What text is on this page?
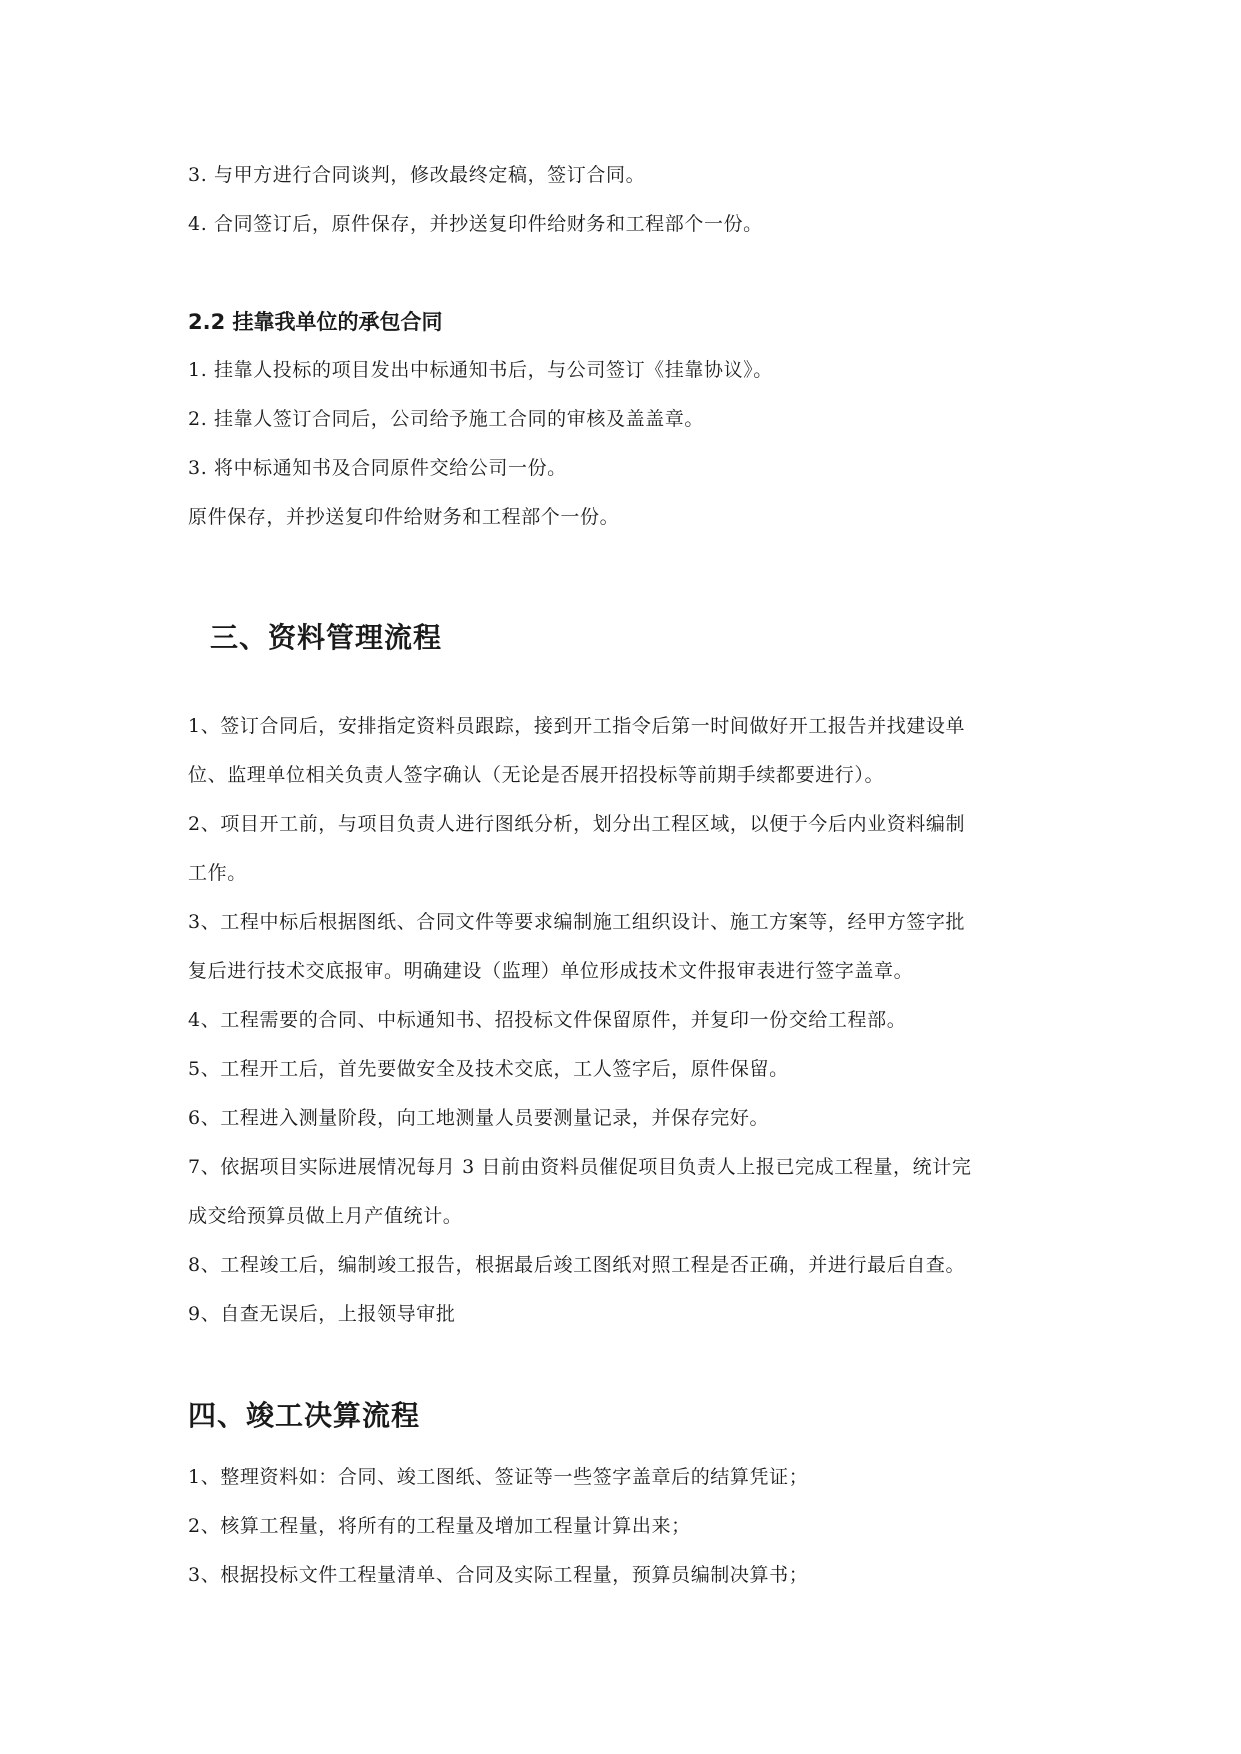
3. 与甲方进行合同谈判，修改最终定稿，签订合同。
4. 合同签订后，原件保存，并抄送复印件给财务和工程部个一份。
2.2 挂靠我单位的承包合同
1. 挂靠人投标的项目发出中标通知书后，与公司签订《挂靠协议》。
2. 挂靠人签订合同后，公司给予施工合同的审核及盖盖章。
3. 将中标通知书及合同原件交给公司一份。
原件保存，并抄送复印件给财务和工程部个一份。
三、资料管理流程
1、签订合同后，安排指定资料员跟踪，接到开工指令后第一时间做好开工报告并找建设单
位、监理单位相关负责人签字确认（无论是否展开招投标等前期手续都要进行）。
2、项目开工前，与项目负责人进行图纸分析，划分出工程区域，以便于今后内业资料编制
工作。
3、工程中标后根据图纸、合同文件等要求编制施工组织设计、施工方案等，经甲方签字批
复后进行技术交底报审。明确建设（监理）单位形成技术文件报审表进行签字盖章。
4、工程需要的合同、中标通知书、招投标文件保留原件，并复印一份交给工程部。
5、工程开工后，首先要做安全及技术交底，工人签字后，原件保留。
6、工程进入测量阶段，向工地测量人员要测量记录，并保存完好。
7、依据项目实际进展情况每月 3 日前由资料员催促项目负责人上报已完成工程量，统计完
成交给预算员做上月产值统计。
8、工程竣工后，编制竣工报告，根据最后竣工图纸对照工程是否正确，并进行最后自查。
9、自查无误后，上报领导审批
四、竣工决算流程
1、整理资料如：合同、竣工图纸、签证等一些签字盖章后的结算凭证；
2、核算工程量，将所有的工程量及增加工程量计算出来；
3、根据投标文件工程量清单、合同及实际工程量，预算员编制决算书；
